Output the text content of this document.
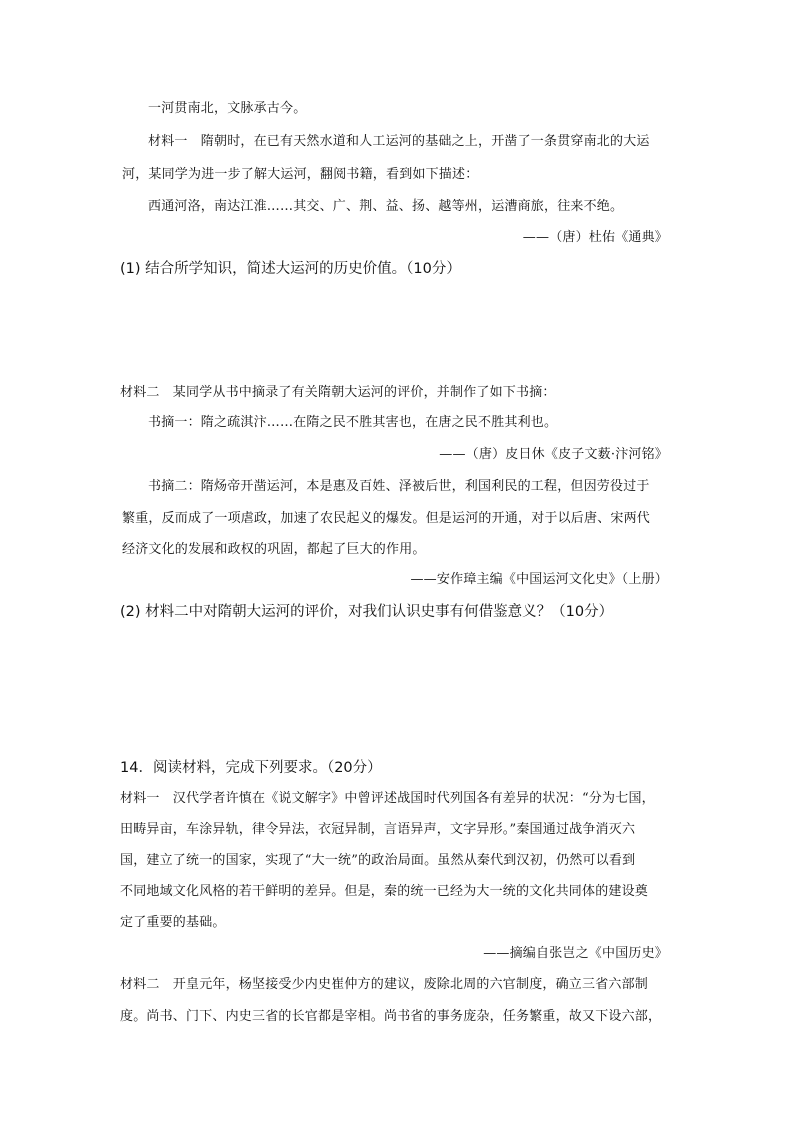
一河贯南北，文脉承古今。
材料一　隋朝时，在已有天然水道和人工运河的基础之上，开凿了一条贯穿南北的大运
河，某同学为进一步了解大运河，翻阅书籍，看到如下描述：
西通河洛，南达江淮……其交、广、荆、益、扬、越等州，运漕商旅，往来不绝。
——（唐）杜佑《通典》
(1) 结合所学知识，简述大运河的历史价值。（10分）
材料二　某同学从书中摘录了有关隋朝大运河的评价，并制作了如下书摘：
书摘一：隋之疏淇汴……在隋之民不胜其害也，在唐之民不胜其利也。
——（唐）皮日休《皮子文薮·汴河铭》
书摘二：隋炀帝开凿运河，本是惠及百姓、泽被后世，利国利民的工程，但因劳役过于
繁重，反而成了一项虐政，加速了农民起义的爆发。但是运河的开通，对于以后唐、宋两代
经济文化的发展和政权的巩固，都起了巨大的作用。
——安作璋主编《中国运河文化史》（上册）
(2) 材料二中对隋朝大运河的评价，对我们认识史事有何借鉴意义？（10分）
14．阅读材料，完成下列要求。（20分）
材料一　汉代学者许慎在《说文解字》中曾评述战国时代列国各有差异的状况：“分为七国，
田畴异亩，车涂异轨，律令异法，衣冠异制，言语异声，文字异形。”秦国通过战争消灭六
国，建立了统一的国家，实现了“大一统”的政治局面。虽然从秦代到汉初，仍然可以看到
不同地域文化风格的若干鲜明的差异。但是，秦的统一已经为大一统的文化共同体的建设奠
定了重要的基础。
——摘编自张岂之《中国历史》
材料二　开皇元年，杨坚接受少内史崔仲方的建议，废除北周的六官制度，确立三省六部制
度。尚书、门下、内史三省的长官都是宰相。尚书省的事务庞杂，任务繁重，故又下设六部，
